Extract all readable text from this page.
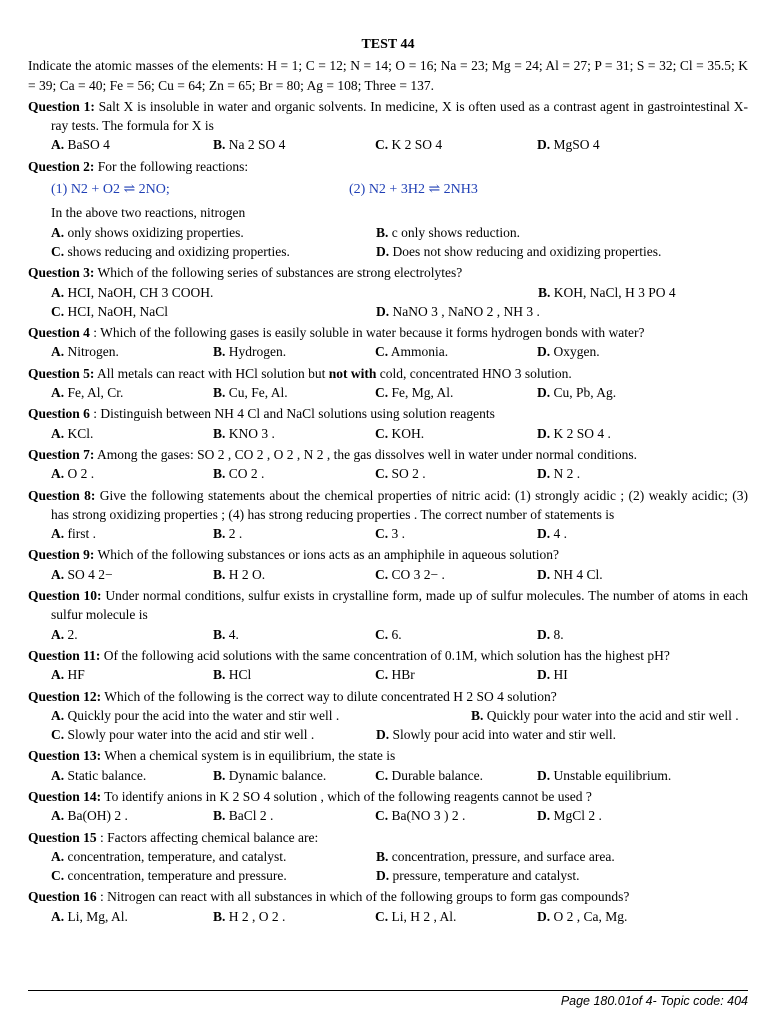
TEST 44
Indicate the atomic masses of the elements: H = 1; C = 12; N = 14; O = 16; Na = 23; Mg = 24; Al = 27; P = 31; S = 32; Cl = 35.5; K = 39; Ca = 40; Fe = 56; Cu = 64; Zn = 65; Br = 80; Ag = 108; Three = 137.
Question 1: Salt X is insoluble in water and organic solvents. In medicine, X is often used as a contrast agent in gastrointestinal X-ray tests. The formula for X is
A. BaSO 4	B. Na 2 SO 4	C. K 2 SO 4	D. MgSO 4
Question 2: For the following reactions:
(1) N2 + O2 ⇌ 2NO;	(2) N2 + 3H2 ⇌ 2NH3
In the above two reactions, nitrogen
A. only shows oxidizing properties.	B. c only shows reduction.
C. shows reducing and oxidizing properties.	D. Does not show reducing and oxidizing properties.
Question 3: Which of the following series of substances are strong electrolytes?
A. HCI, NaOH, CH 3 COOH.	B. KOH, NaCl, H 3 PO 4
C. HCI, NaOH, NaCl	D. NaNO 3 , NaNO 2 , NH 3 .
Question 4 : Which of the following gases is easily soluble in water because it forms hydrogen bonds with water?
A. Nitrogen.	B. Hydrogen.	C. Ammonia.	D. Oxygen.
Question 5: All metals can react with HCl solution but not with cold, concentrated HNO 3 solution.
A. Fe, Al, Cr.	B. Cu, Fe, Al.	C. Fe, Mg, Al.	D. Cu, Pb, Ag.
Question 6 : Distinguish between NH 4 Cl and NaCl solutions using solution reagents
A. KCl.	B. KNO 3 .	C. KOH.	D. K 2 SO 4 .
Question 7: Among the gases: SO 2 , CO 2 , O 2 , N 2 , the gas dissolves well in water under normal conditions.
A. O 2 .	B. CO 2 .	C. SO 2 .	D. N 2 .
Question 8: Give the following statements about the chemical properties of nitric acid: (1) strongly acidic ; (2) weakly acidic; (3) has strong oxidizing properties ; (4) has strong reducing properties . The correct number of statements is
A. first .	B. 2 .	C. 3 .	D. 4 .
Question 9: Which of the following substances or ions acts as an amphiphile in aqueous solution?
A. SO 4 2−	B. H 2 O.	C. CO 3 2− .	D. NH 4 Cl.
Question 10: Under normal conditions, sulfur exists in crystalline form, made up of sulfur molecules. The number of atoms in each sulfur molecule is
A. 2.	B. 4.	C. 6.	D. 8.
Question 11: Of the following acid solutions with the same concentration of 0.1M, which solution has the highest pH?
A. HF	B. HCl	C. HBr	D. HI
Question 12: Which of the following is the correct way to dilute concentrated H 2 SO 4 solution?
A. Quickly pour the acid into the water and stir well .	B. Quickly pour water into the acid and stir well .
C. Slowly pour water into the acid and stir well .	D. Slowly pour acid into water and stir well.
Question 13: When a chemical system is in equilibrium, the state is
A. Static balance.	B. Dynamic balance.	C. Durable balance.	D. Unstable equilibrium.
Question 14: To identify anions in K 2 SO 4 solution , which of the following reagents cannot be used ?
A. Ba(OH) 2 .	B. BaCl 2 .	C. Ba(NO 3 ) 2 .	D. MgCl 2 .
Question 15 : Factors affecting chemical balance are:
A. concentration, temperature, and catalyst.	B. concentration, pressure, and surface area.
C. concentration, temperature and pressure.	D. pressure, temperature and catalyst.
Question 16 : Nitrogen can react with all substances in which of the following groups to form gas compounds?
A. Li, Mg, Al.	B. H 2 , O 2 .	C. Li, H 2 , Al.	D. O 2 , Ca, Mg.
Page 180.01of 4- Topic code: 404
